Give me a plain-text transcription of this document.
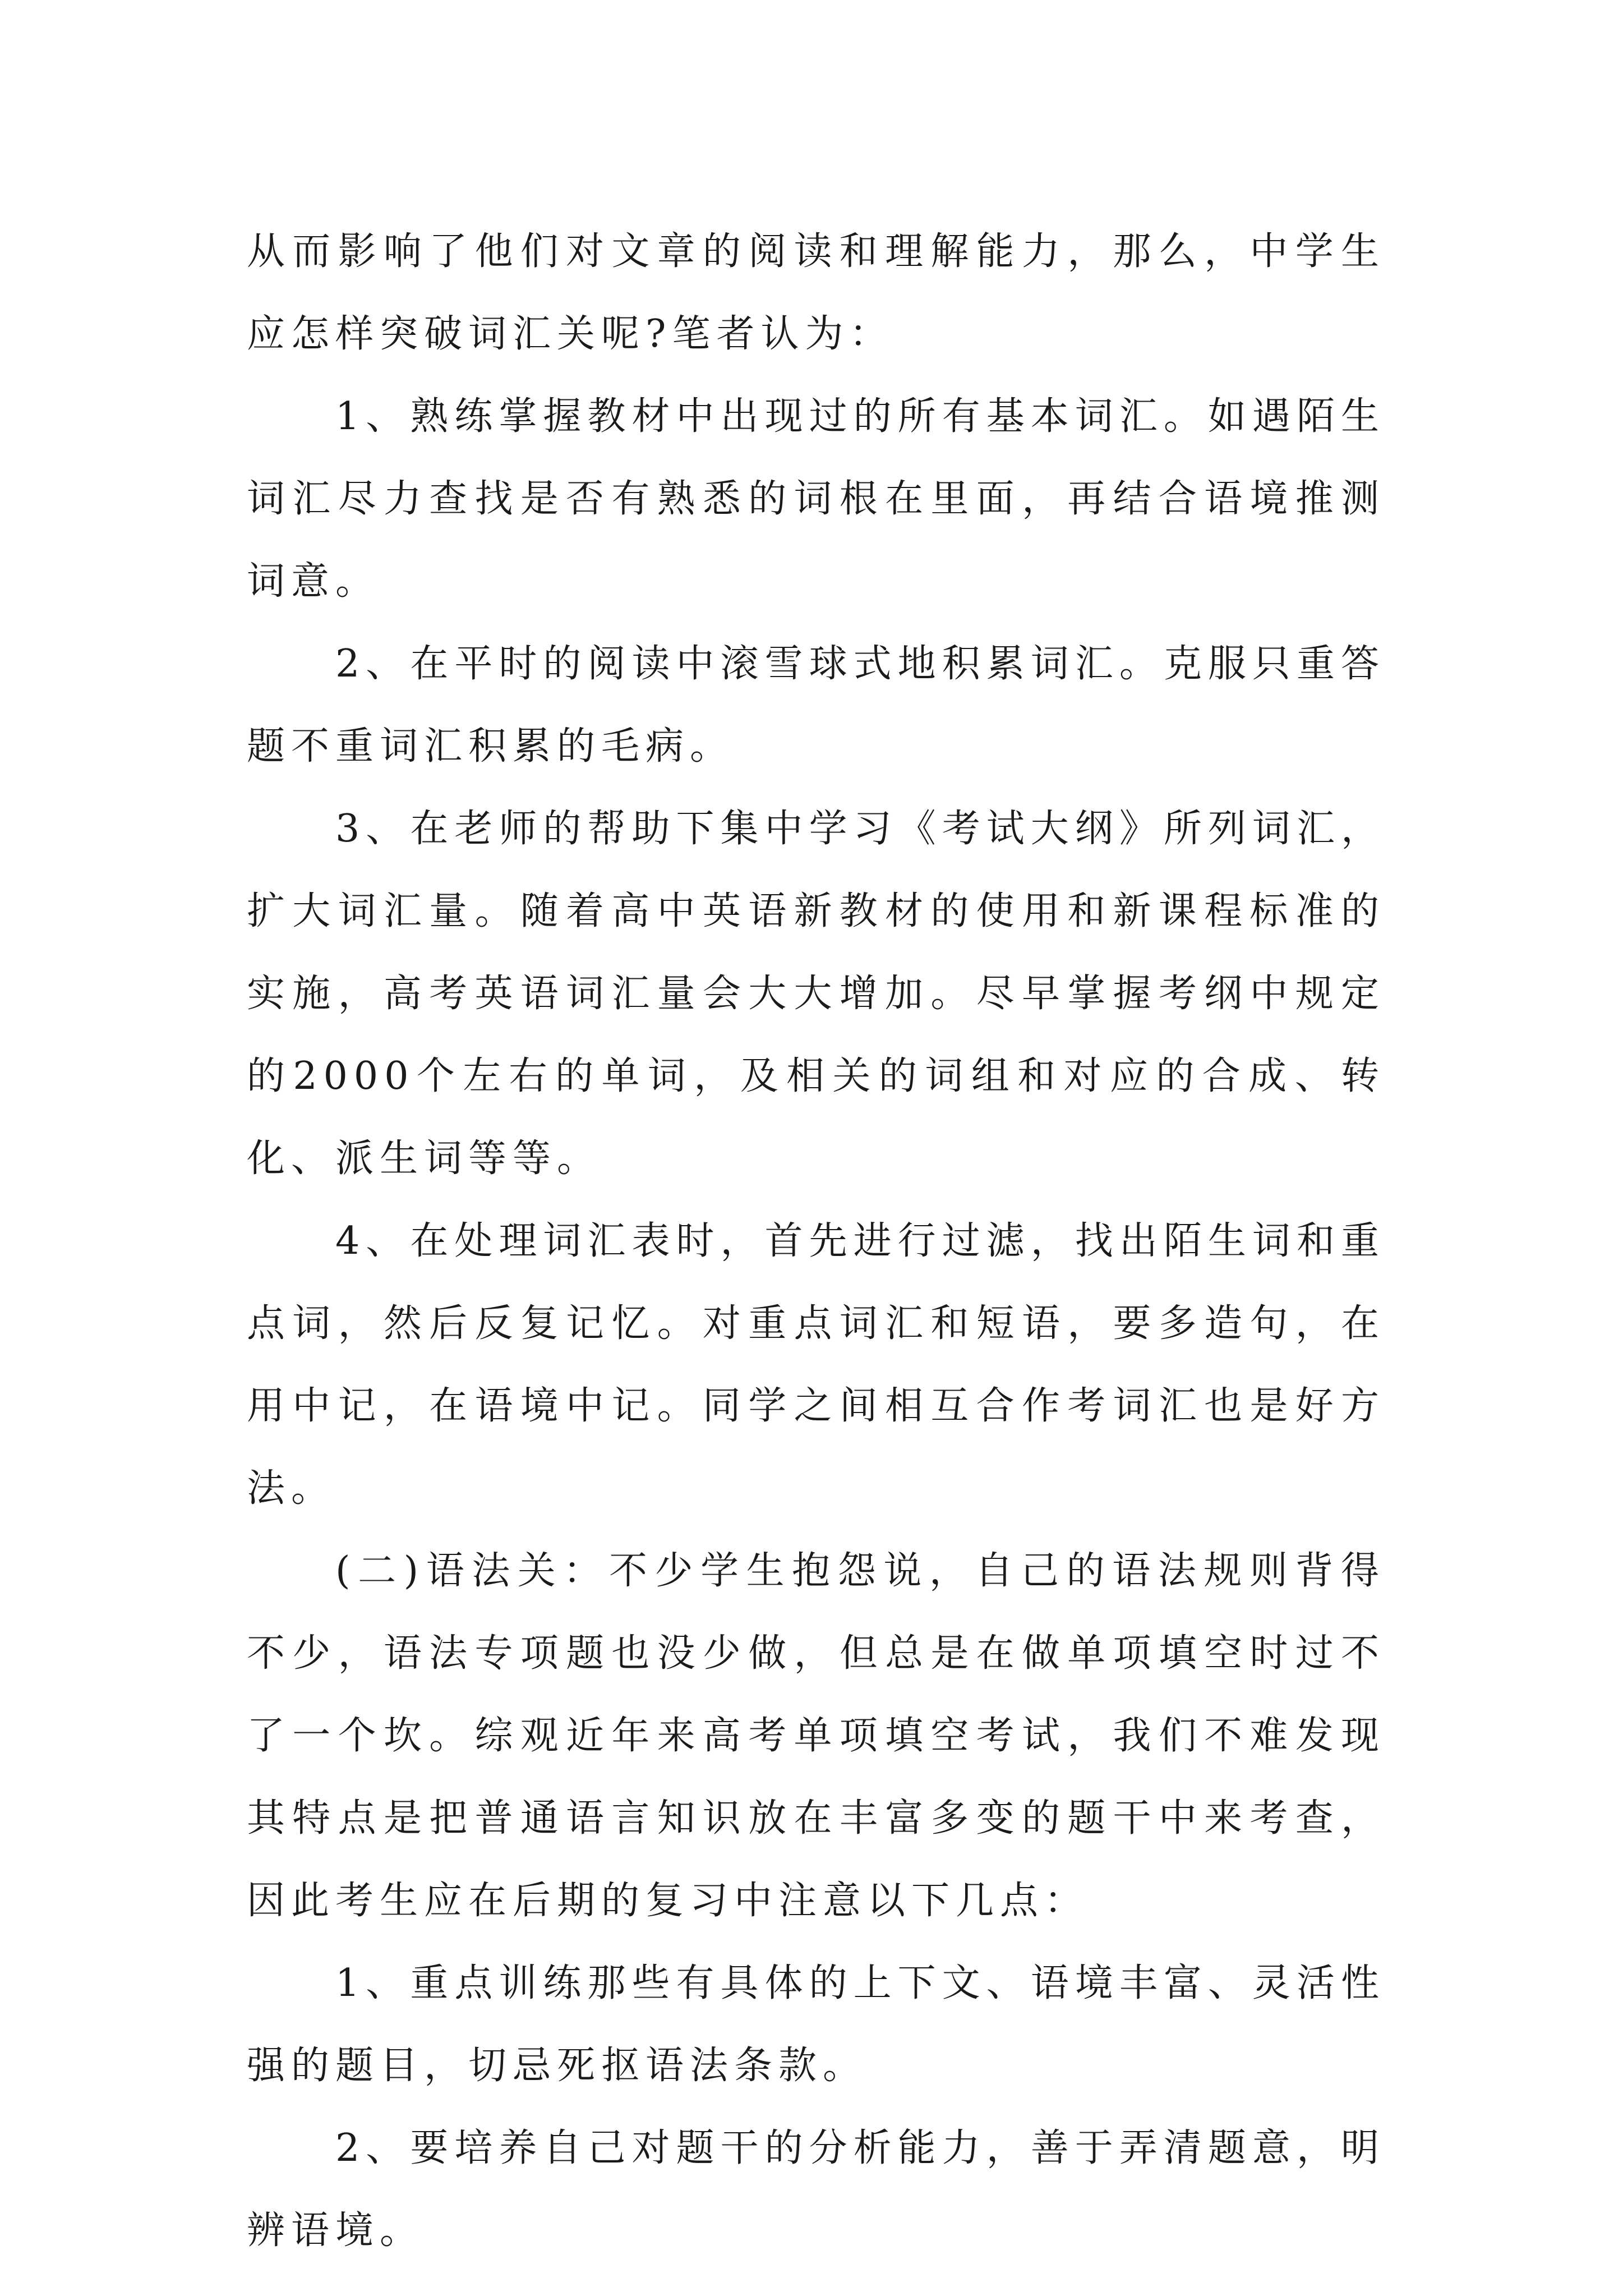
从而影响了他们对文章的阅读和理解能力，那么，中学生应怎样突破词汇关呢?笔者认为：

1、熟练掌握教材中出现过的所有基本词汇。如遇陌生词汇尽力查找是否有熟悉的词根在里面，再结合语境推测词意。

2、在平时的阅读中滚雪球式地积累词汇。克服只重答题不重词汇积累的毛病。

3、在老师的帮助下集中学习《考试大纲》所列词汇，扩大词汇量。随着高中英语新教材的使用和新课程标准的实施，高考英语词汇量会大大增加。尽早掌握考纲中规定的2000个左右的单词，及相关的词组和对应的合成、转化、派生词等等。

4、在处理词汇表时，首先进行过滤，找出陌生词和重点词，然后反复记忆。对重点词汇和短语，要多造句，在用中记，在语境中记。同学之间相互合作考词汇也是好方法。

(二)语法关：不少学生抱怨说，自己的语法规则背得不少，语法专项题也没少做，但总是在做单项填空时过不了一个坎。综观近年来高考单项填空考试，我们不难发现其特点是把普通语言知识放在丰富多变的题干中来考查，因此考生应在后期的复习中注意以下几点：

1、重点训练那些有具体的上下文、语境丰富、灵活性强的题目，切忌死抠语法条款。

2、要培养自己对题干的分析能力，善于弄清题意，明辨语境。
